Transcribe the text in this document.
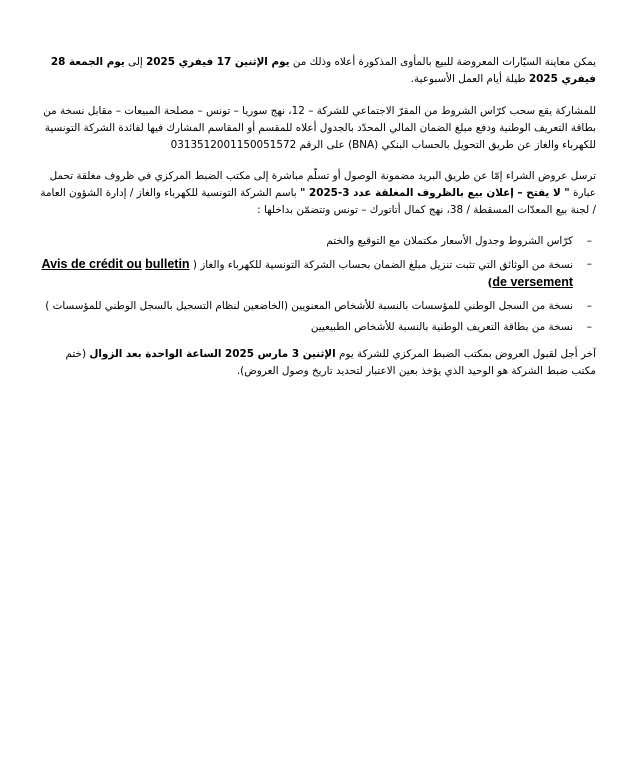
يمكن معاينة السيّارات المعروضة للبيع بالمأوى المذكورة أعلاه وذلك من يوم الإثنين 17 فيفري 2025 إلى يوم الجمعة 28 فيفري 2025 طيلة أيام العمل الأسبوعية.

للمشاركة يقع سحب كرّاس الشروط من المقرّ الاجتماعي للشركة – 12، نهج سوريا – تونس – مصلحة المبيعات – مقابل نسخة من بطاقة التعريف الوطنية ودفع مبلغ الضمان المالي المحدّد بالجدول أعلاه للمقسم أو المقاسم المشارك فيها لفائدة الشركة التونسية للكهرباء والغاز عن طريق التحويل بالحساب البنكي (BNA) على الرقم 0313512001150051572

ترسل عروض الشراء إمّا عن طريق البريد مضمونة الوصول أو تسلّم مباشرة إلى مكتب الضبط المركزي في ظروف مغلقة تحمل عبارة " لا يفتح – إعلان بيع بالظروف المغلقة عدد 3-2025 " باسم الشركة التونسية للكهرباء والغاز / إدارة الشؤون العامة / لجنة بيع المعدّات المسقطة / 38، نهج كمال أتاتورك – تونس وتتضمّن بداخلها :

–
كرّاس الشروط وجدول الأسعار مكتملان مع التوقيع والختم
–
نسخة من الوثائق التي تثبت تنزيل مبلغ الضمان بحساب الشركة التونسية للكهرباء والغاز ( Avis de crédit ou bulletin de versement)
–
نسخة من السجل الوطني للمؤسسات بالنسبة للأشخاص المعنويين (الخاضعين لنظام التسجيل بالسجل الوطني للمؤسسات )
–
نسخة من بطاقة التعريف الوطنية بالنسبة للأشخاص الطبيعيين

آخر أجل لقبول العروض بمكتب الضبط المركزي للشركة يوم الإثنين 3 مارس 2025 الساعة الواحدة بعد الزوال (ختم مكتب ضبط الشركة هو الوحيد الذي يؤخذ بعين الاعتبار لتحديد تاريخ وصول العروض).
